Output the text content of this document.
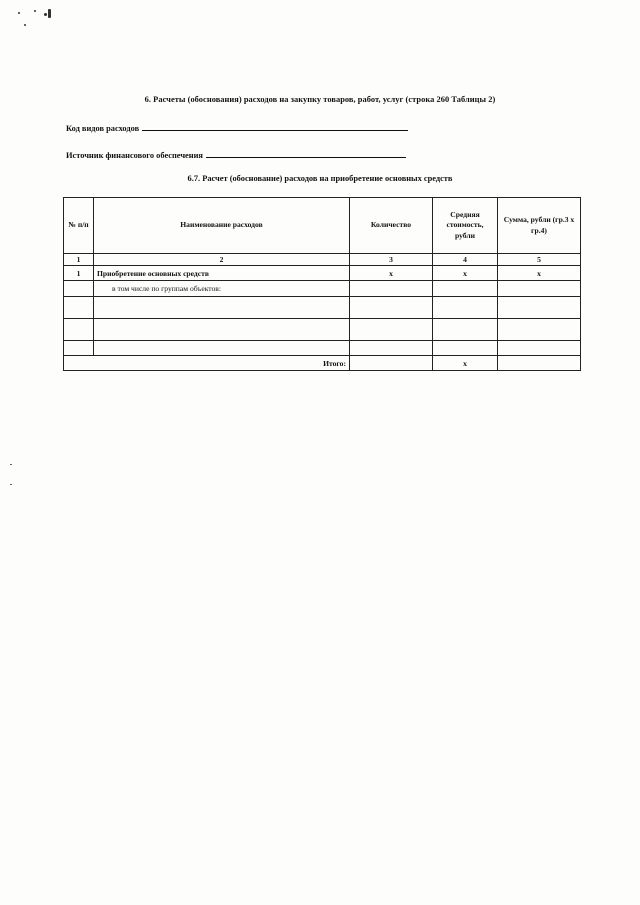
6. Расчеты (обоснования) расходов на закупку товаров, работ, услуг (строка 260 Таблицы 2)
Код видов расходов
Источник финансового обеспечения
6.7. Расчет (обоснование) расходов на приобретение основных средств
№ п/п	Наименование расходов	Количество	Средняя стоимость, рубли	Сумма, рубли (гр.3 х гр.4)
1	2	3	4	5
1	Приобретение основных средств	х	х	х
	в том числе по группам объектов:			

Итого:			х	
